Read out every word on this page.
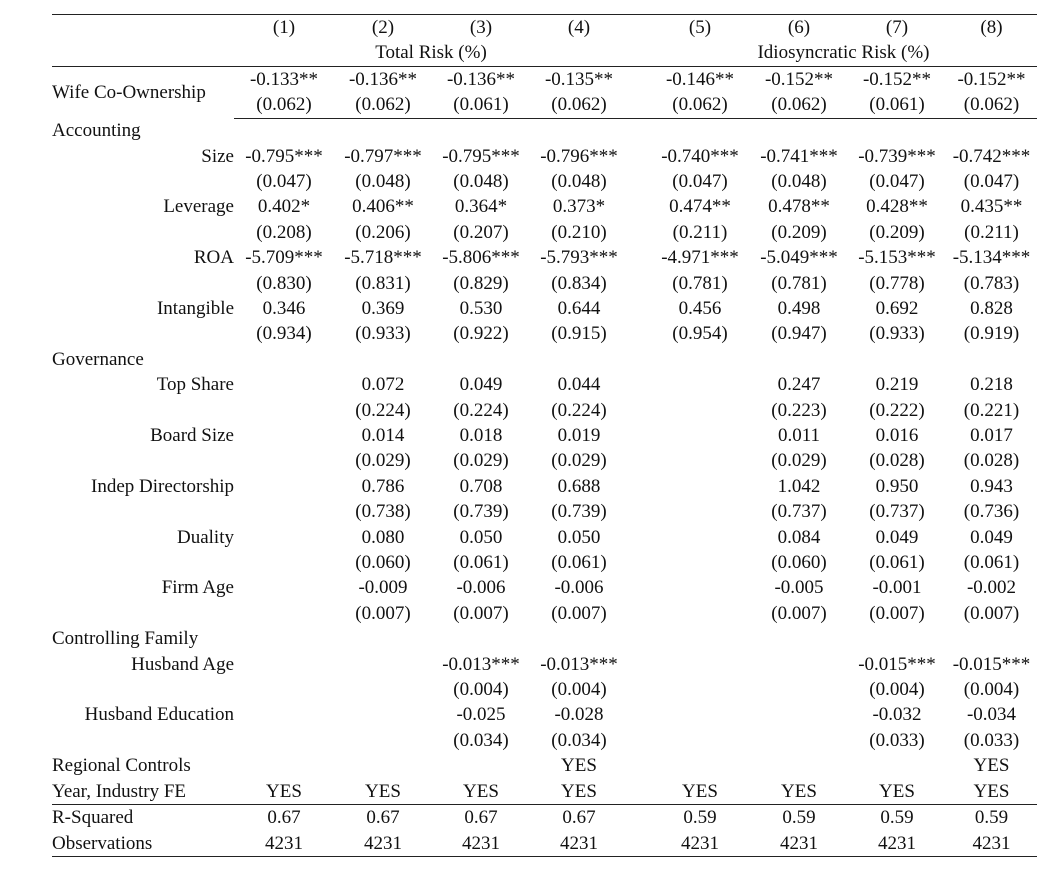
	(1)	(2)	(3)	(4)		(5)	(6)	(7)	(8)
	Total Risk (%)					Idiosyncratic Risk (%)			
Wife Co-Ownership	-0.133**	-0.136**	-0.136**	-0.135**		-0.146**	-0.152**	-0.152**	-0.152**
	(0.062)	(0.062)	(0.061)	(0.062)		(0.062)	(0.062)	(0.061)	(0.062)
Accounting									
Size	-0.795***	-0.797***	-0.795***	-0.796***		-0.740***	-0.741***	-0.739***	-0.742***
	(0.047)	(0.048)	(0.048)	(0.048)		(0.047)	(0.048)	(0.047)	(0.047)
Leverage	0.402*	0.406**	0.364*	0.373*		0.474**	0.478**	0.428**	0.435**
	(0.208)	(0.206)	(0.207)	(0.210)		(0.211)	(0.209)	(0.209)	(0.211)
ROA	-5.709***	-5.718***	-5.806***	-5.793***		-4.971***	-5.049***	-5.153***	-5.134***
	(0.830)	(0.831)	(0.829)	(0.834)		(0.781)	(0.781)	(0.778)	(0.783)
Intangible	0.346	0.369	0.530	0.644		0.456	0.498	0.692	0.828
	(0.934)	(0.933)	(0.922)	(0.915)		(0.954)	(0.947)	(0.933)	(0.919)
Governance									
Top Share		0.072	0.049	0.044			0.247	0.219	0.218
		(0.224)	(0.224)	(0.224)			(0.223)	(0.222)	(0.221)
Board Size		0.014	0.018	0.019			0.011	0.016	0.017
		(0.029)	(0.029)	(0.029)			(0.029)	(0.028)	(0.028)
Indep Directorship		0.786	0.708	0.688			1.042	0.950	0.943
		(0.738)	(0.739)	(0.739)			(0.737)	(0.737)	(0.736)
Duality		0.080	0.050	0.050			0.084	0.049	0.049
		(0.060)	(0.061)	(0.061)			(0.060)	(0.061)	(0.061)
Firm Age		-0.009	-0.006	-0.006			-0.005	-0.001	-0.002
		(0.007)	(0.007)	(0.007)			(0.007)	(0.007)	(0.007)
Controlling Family									
Husband Age			-0.013***	-0.013***				-0.015***	-0.015***
			(0.004)	(0.004)				(0.004)	(0.004)
Husband Education			-0.025	-0.028				-0.032	-0.034
			(0.034)	(0.034)				(0.033)	(0.033)
Regional Controls				YES					YES
Year, Industry FE	YES	YES	YES	YES		YES	YES	YES	YES
R-Squared	0.67	0.67	0.67	0.67		0.59	0.59	0.59	0.59
Observations	4231	4231	4231	4231		4231	4231	4231	4231
